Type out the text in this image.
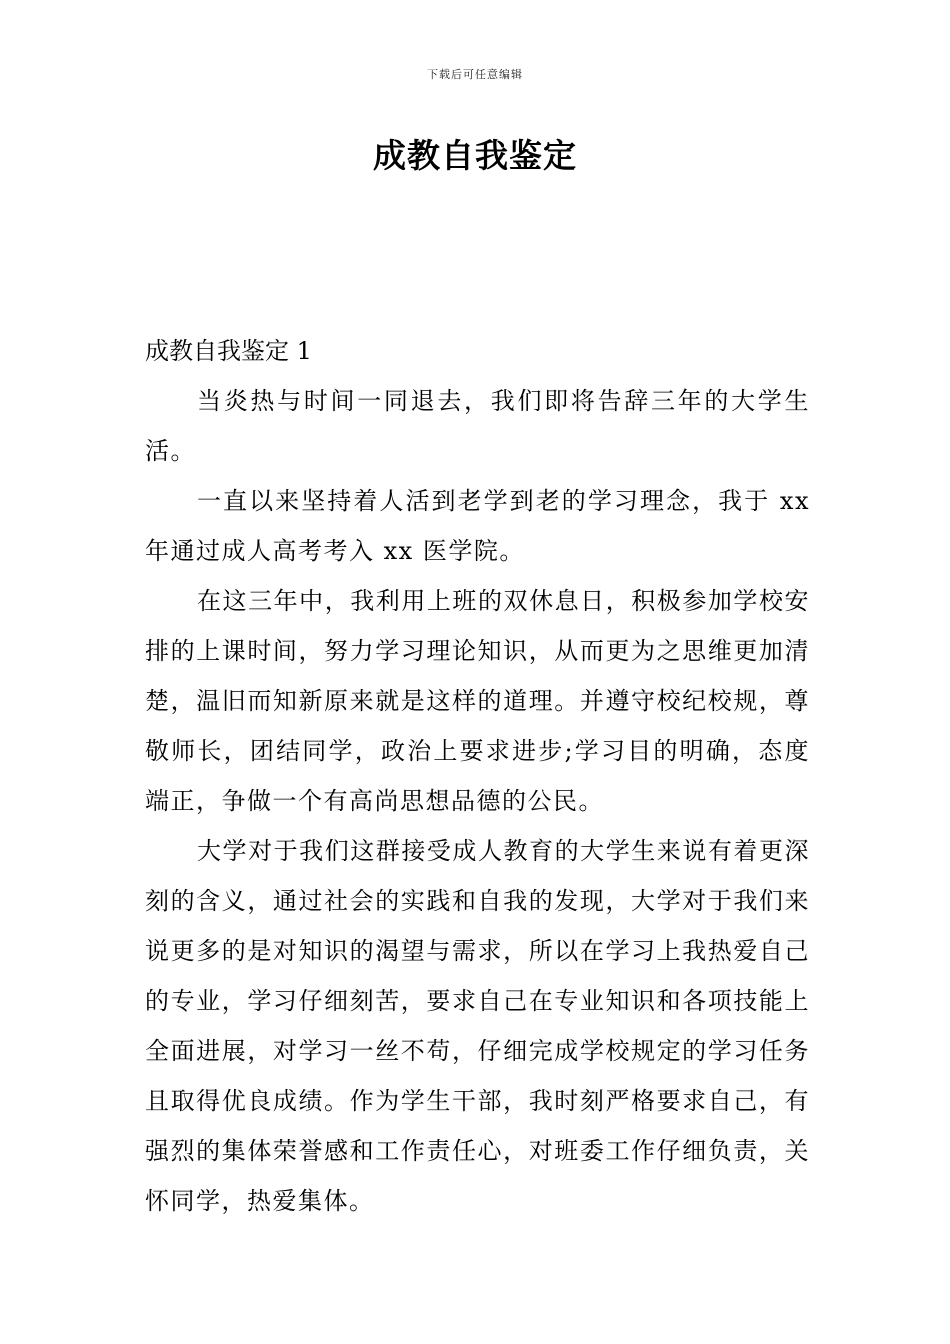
下载后可任意编辑
成教自我鉴定

成教自我鉴定 1

当炎热与时间一同退去，我们即将告辞三年的大学生活。

一直以来坚持着人活到老学到老的学习理念，我于 xx 年通过成人高考考入 xx 医学院。

在这三年中，我利用上班的双休息日，积极参加学校安排的上课时间，努力学习理论知识，从而更为之思维更加清楚，温旧而知新原来就是这样的道理。并遵守校纪校规，尊敬师长，团结同学，政治上要求进步;学习目的明确，态度端正，争做一个有高尚思想品德的公民。

大学对于我们这群接受成人教育的大学生来说有着更深刻的含义，通过社会的实践和自我的发现，大学对于我们来说更多的是对知识的渴望与需求，所以在学习上我热爱自己的专业，学习仔细刻苦，要求自己在专业知识和各项技能上全面进展，对学习一丝不苟，仔细完成学校规定的学习任务且取得优良成绩。作为学生干部，我时刻严格要求自己，有强烈的集体荣誉感和工作责任心，对班委工作仔细负责，关怀同学，热爱集体。
